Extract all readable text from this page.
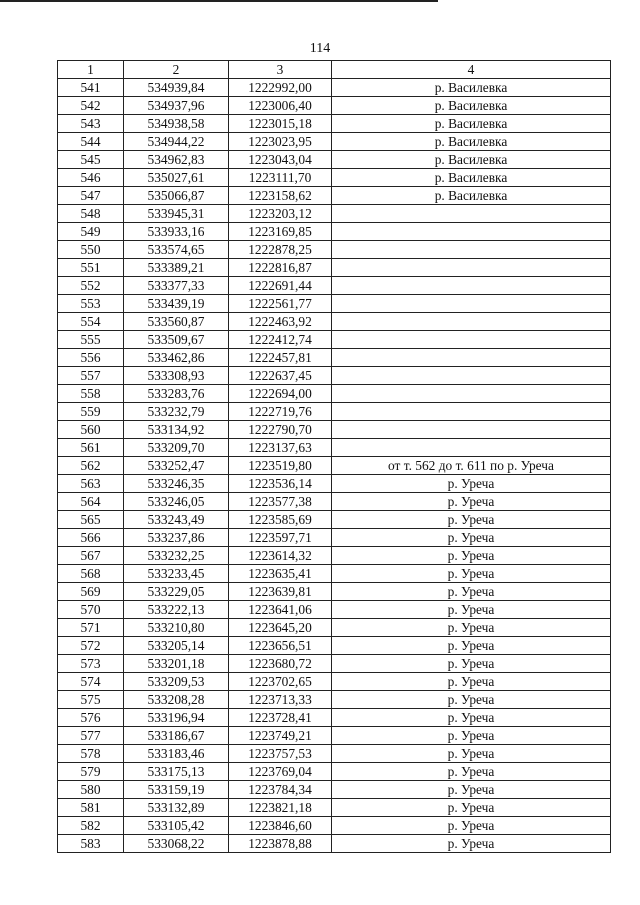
114
1	2	3	4
541	534939,84	1222992,00	р. Василевка
542	534937,96	1223006,40	р. Василевка
543	534938,58	1223015,18	р. Василевка
544	534944,22	1223023,95	р. Василевка
545	534962,83	1223043,04	р. Василевка
546	535027,61	1223111,70	р. Василевка
547	535066,87	1223158,62	р. Василевка
548	533945,31	1223203,12	
549	533933,16	1223169,85	
550	533574,65	1222878,25	
551	533389,21	1222816,87	
552	533377,33	1222691,44	
553	533439,19	1222561,77	
554	533560,87	1222463,92	
555	533509,67	1222412,74	
556	533462,86	1222457,81	
557	533308,93	1222637,45	
558	533283,76	1222694,00	
559	533232,79	1222719,76	
560	533134,92	1222790,70	
561	533209,70	1223137,63	
562	533252,47	1223519,80	от т. 562 до т. 611 по р. Уреча
563	533246,35	1223536,14	р. Уреча
564	533246,05	1223577,38	р. Уреча
565	533243,49	1223585,69	р. Уреча
566	533237,86	1223597,71	р. Уреча
567	533232,25	1223614,32	р. Уреча
568	533233,45	1223635,41	р. Уреча
569	533229,05	1223639,81	р. Уреча
570	533222,13	1223641,06	р. Уреча
571	533210,80	1223645,20	р. Уреча
572	533205,14	1223656,51	р. Уреча
573	533201,18	1223680,72	р. Уреча
574	533209,53	1223702,65	р. Уреча
575	533208,28	1223713,33	р. Уреча
576	533196,94	1223728,41	р. Уреча
577	533186,67	1223749,21	р. Уреча
578	533183,46	1223757,53	р. Уреча
579	533175,13	1223769,04	р. Уреча
580	533159,19	1223784,34	р. Уреча
581	533132,89	1223821,18	р. Уреча
582	533105,42	1223846,60	р. Уреча
583	533068,22	1223878,88	р. Уреча
